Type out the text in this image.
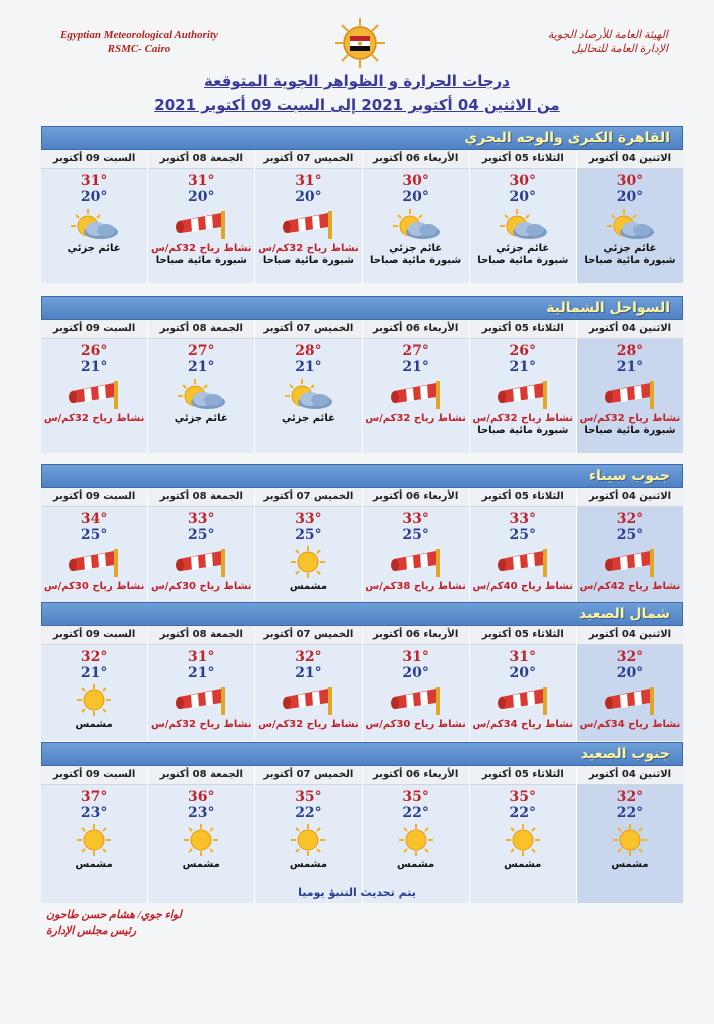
Egyptian Meteorological Authority
RSMC- Cairo
الهيئة العامة للأرصاد الجوية
الإدارة العامة للتحاليل
درجات الحرارة و الظواهر الجوية المتوقعة
من الاثنين 04 أكتوبر 2021 إلى السبت 09 أكتوبر 2021
القاهرة الكبرى والوجه البحري
السبت 09 أكتوبر
31°
20°
غائم جزئي
الجمعة 08 أكتوبر
31°
20°
نشاط رياح 32كم/س
شبورة مائية صباحا
الخميس 07 أكتوبر
31°
20°
نشاط رياح 32كم/س
شبورة مائية صباحا
الأربعاء 06 أكتوبر
30°
20°
غائم جزئي
شبورة مائية صباحا
الثلاثاء 05 أكتوبر
30°
20°
غائم جزئي
شبورة مائية صباحا
الاثنين 04 أكتوبر
30°
20°
غائم جزئي
شبورة مائية صباحا
السواحل الشمالية
السبت 09 أكتوبر
26°
21°
نشاط رياح 32كم/س
الجمعة 08 أكتوبر
27°
21°
غائم جزئي
الخميس 07 أكتوبر
28°
21°
غائم جزئي
الأربعاء 06 أكتوبر
27°
21°
نشاط رياح 32كم/س
الثلاثاء 05 أكتوبر
26°
21°
نشاط رياح 32كم/س
شبورة مائية صباحا
الاثنين 04 أكتوبر
28°
21°
نشاط رياح 32كم/س
شبورة مائية صباحا
جنوب سيناء
السبت 09 أكتوبر
34°
25°
نشاط رياح 30كم/س
الجمعة 08 أكتوبر
33°
25°
نشاط رياح 30كم/س
الخميس 07 أكتوبر
33°
25°
مشمس
الأربعاء 06 أكتوبر
33°
25°
نشاط رياح 38كم/س
الثلاثاء 05 أكتوبر
33°
25°
نشاط رياح 40كم/س
الاثنين 04 أكتوبر
32°
25°
نشاط رياح 42كم/س
شمال الصعيد
السبت 09 أكتوبر
32°
21°
مشمس
الجمعة 08 أكتوبر
31°
21°
نشاط رياح 32كم/س
الخميس 07 أكتوبر
32°
21°
نشاط رياح 32كم/س
الأربعاء 06 أكتوبر
31°
20°
نشاط رياح 30كم/س
الثلاثاء 05 أكتوبر
31°
20°
نشاط رياح 34كم/س
الاثنين 04 أكتوبر
32°
20°
نشاط رياح 34كم/س
جنوب الصعيد
السبت 09 أكتوبر
37°
23°
مشمس
الجمعة 08 أكتوبر
36°
23°
مشمس
الخميس 07 أكتوبر
35°
22°
مشمس
الأربعاء 06 أكتوبر
35°
22°
مشمس
الثلاثاء 05 أكتوبر
35°
22°
مشمس
الاثنين 04 أكتوبر
32°
22°
مشمس
يتم تحديث التنبؤ يوميا
لواء جوي/ هشام حسن طاحون
رئيس مجلس الإدارة
